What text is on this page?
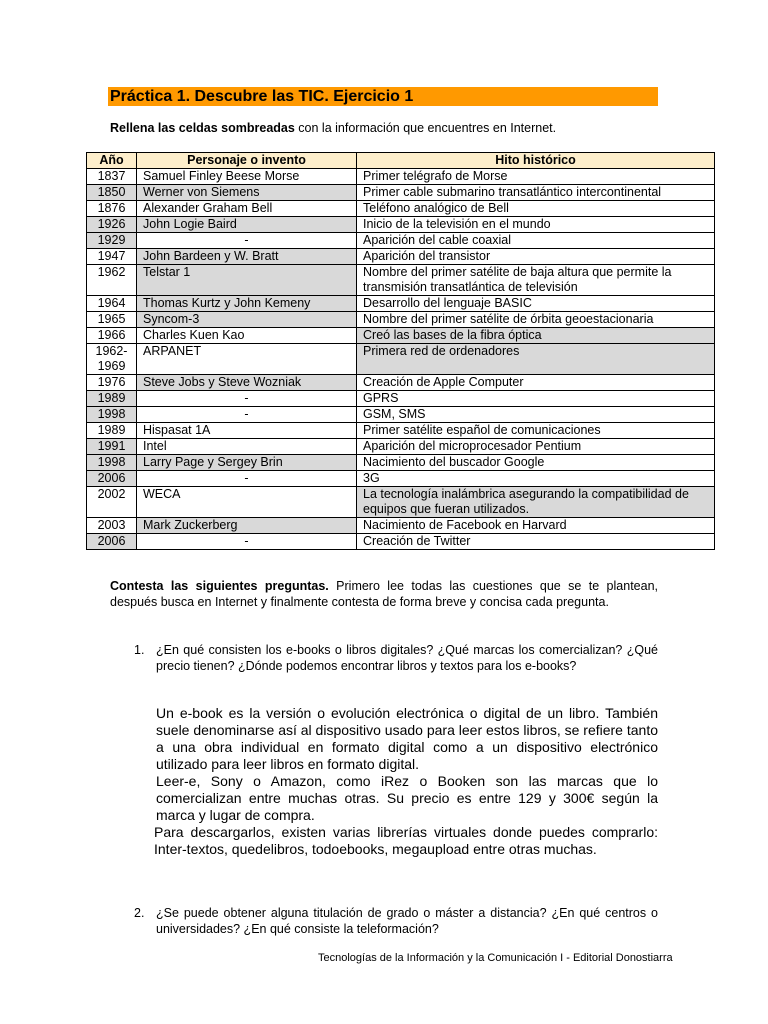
Práctica 1. Descubre las TIC. Ejercicio 1
Rellena las celdas sombreadas con la información que encuentres en Internet.
Año	Personaje o invento	Hito histórico
1837	Samuel Finley Beese Morse	Primer telégrafo de Morse
1850	Werner von Siemens	Primer cable submarino transatlántico intercontinental
1876	Alexander Graham Bell	Teléfono analógico de Bell
1926	John Logie Baird	Inicio de la televisión en el mundo
1929	-	Aparición del cable coaxial
1947	John Bardeen y W. Bratt	Aparición del transistor
1962	Telstar 1	Nombre del primer satélite de baja altura que permite la transmisión transatlántica de televisión
1964	Thomas Kurtz y John Kemeny	Desarrollo del lenguaje BASIC
1965	Syncom-3	Nombre del primer satélite de órbita geoestacionaria
1966	Charles Kuen Kao	Creó las bases de la fibra óptica
1962-1969	ARPANET	Primera red de ordenadores
1976	Steve Jobs y Steve Wozniak	Creación de Apple Computer
1989	-	GPRS
1998	-	GSM, SMS
1989	Hispasat 1A	Primer satélite español de comunicaciones
1991	Intel	Aparición del microprocesador Pentium
1998	Larry Page y Sergey Brin	Nacimiento del buscador Google
2006	-	3G
2002	WECA	La tecnología inalámbrica asegurando la compatibilidad de equipos que fueran utilizados.
2003	Mark Zuckerberg	Nacimiento de Facebook en Harvard
2006	-	Creación de Twitter
Contesta las siguientes preguntas. Primero lee todas las cuestiones que se te plantean, después busca en Internet y finalmente contesta de forma breve y concisa cada pregunta.
1. ¿En qué consisten los e-books o libros digitales? ¿Qué marcas los comercializan? ¿Qué precio tienen? ¿Dónde podemos encontrar libros y textos para los e-books?

Un e-book es la versión o evolución electrónica o digital de un libro. También suele denominarse así al dispositivo usado para leer estos libros, se refiere tanto a una obra individual en formato digital como a un dispositivo electrónico utilizado para leer libros en formato digital.

Leer-e, Sony o Amazon, como iRez o Booken son las marcas que lo comercializan entre muchas otras. Su precio es entre 129 y 300€ según la marca y lugar de compra.

Para descargarlos, existen varias librerías virtuales donde puedes comprarlo: Inter-textos, quedelibros, todoebooks, megaupload entre otras muchas.

2. ¿Se puede obtener alguna titulación de grado o máster a distancia? ¿En qué centros o universidades? ¿En qué consiste la teleformación?
Tecnologías de la Información y la Comunicación I - Editorial Donostiarra
